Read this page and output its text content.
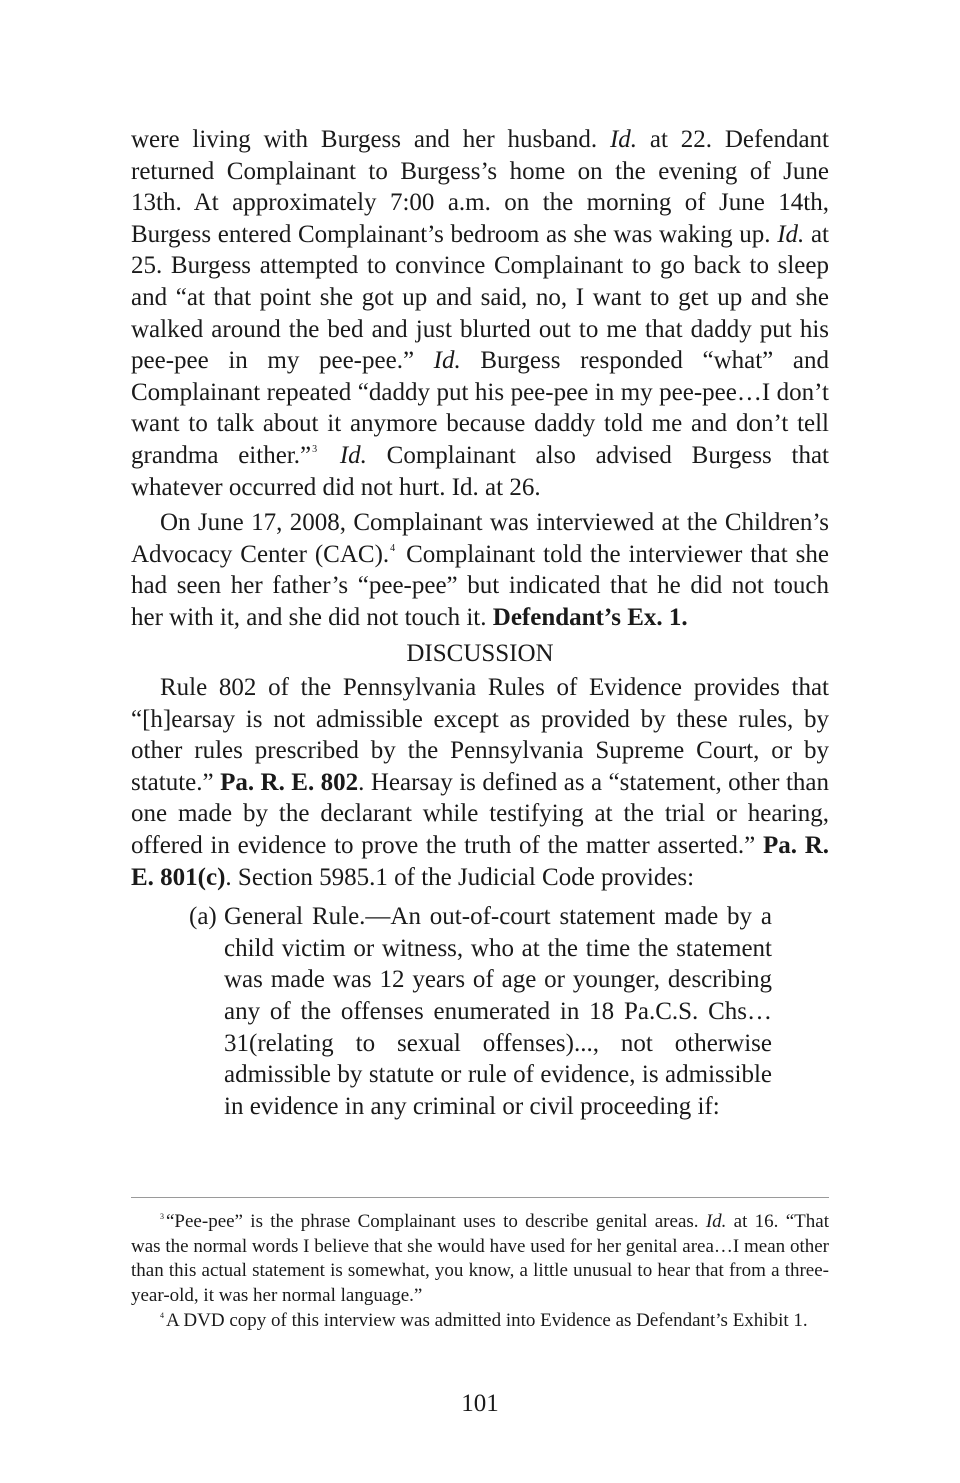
were living with Burgess and her husband. Id. at 22. Defendant returned Complainant to Burgess’s home on the evening of June 13th. At approximately 7:00 a.m. on the morning of June 14th, Burgess entered Complainant’s bedroom as she was waking up. Id. at 25. Burgess attempted to convince Complainant to go back to sleep and “at that point she got up and said, no, I want to get up and she walked around the bed and just blurted out to me that daddy put his pee-pee in my pee-pee.” Id. Burgess responded “what” and Complainant repeated “daddy put his pee-pee in my pee-pee…I don’t want to talk about it anymore because daddy told me and don’t tell grandma either.”$^3$ Id. Complainant also advised Burgess that whatever occurred did not hurt. Id. at 26.

On June 17, 2008, Complainant was interviewed at the Children’s Advocacy Center (CAC).$^4$ Complainant told the interviewer that she had seen her father’s “pee-pee” but indicated that he did not touch her with it, and she did not touch it. Defendant’s Ex. 1.

DISCUSSION

Rule 802 of the Pennsylvania Rules of Evidence provides that “[h]earsay is not admissible except as provided by these rules, by other rules prescribed by the Pennsylvania Supreme Court, or by statute.” Pa. R. E. 802. Hearsay is defined as a “statement, other than one made by the declarant while testifying at the trial or hearing, offered in evidence to prove the truth of the matter asserted.” Pa. R. E. 801(c). Section 5985.1 of the Judicial Code provides:

(a) General Rule.—An out-of-court statement made by a child victim or witness, who at the time the statement was made was 12 years of age or younger, describing any of the offenses enumerated in 18 Pa.C.S. Chs…31(relating to sexual offenses)..., not otherwise admissible by statute or rule of evidence, is admissible in evidence in any criminal or civil proceeding if:

$^3$ “Pee-pee” is the phrase Complainant uses to describe genital areas. Id. at 16. “That was the normal words I believe that she would have used for her genital area…I mean other than this actual statement is somewhat, you know, a little unusual to hear that from a three-year-old, it was her normal language.”

$^4$ A DVD copy of this interview was admitted into Evidence as Defendant’s Exhibit 1.

101
